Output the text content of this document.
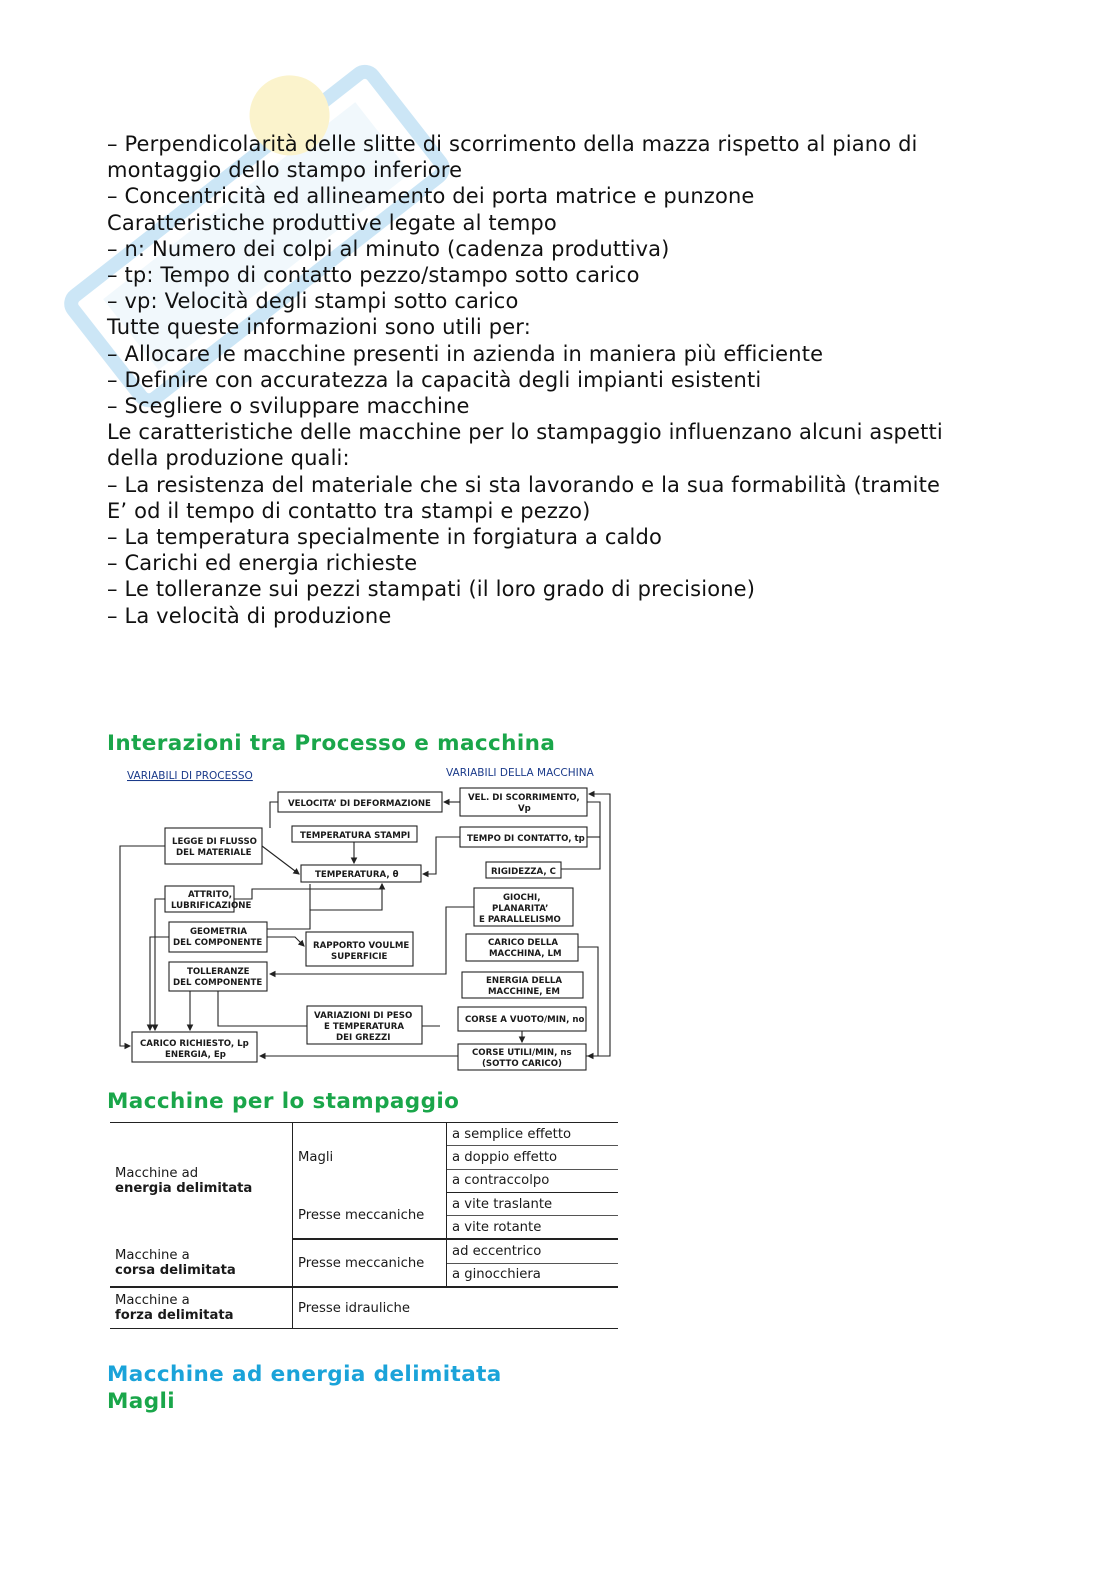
– Perpendicolarità delle slitte di scorrimento della mazza rispetto al piano di
montaggio dello stampo inferiore
– Concentricità ed allineamento dei porta matrice e punzone
Caratteristiche produttive legate al tempo
– n: Numero dei colpi al minuto (cadenza produttiva)
– tp: Tempo di contatto pezzo/stampo sotto carico
– vp: Velocità degli stampi sotto carico
Tutte queste informazioni sono utili per:
– Allocare le macchine presenti in azienda in maniera più efficiente
– Definire con accuratezza la capacità degli impianti esistenti
– Scegliere o sviluppare macchine
Le caratteristiche delle macchine per lo stampaggio influenzano alcuni aspetti
della produzione quali:
– La resistenza del materiale che si sta lavorando e la sua formabilità (tramite
E’ od il tempo di contatto tra stampi e pezzo)
– La temperatura specialmente in forgiatura a caldo
– Carichi ed energia richieste
– Le tolleranze sui pezzi stampati (il loro grado di precisione)
– La velocità di produzione
Interazioni tra Processo e macchina
VARIABILI DI PROCESSO	VARIABILI DELLA MACCHINA
VELOCITA’ DI DEFORMAZIONE
VEL. DI SCORRIMENTO,
Vp
LEGGE DI FLUSSO
DEL MATERIALE
TEMPERATURA STAMPI	TEMPO DI CONTATTO, tp
TEMPERATURA, θ	RIGIDEZZA, C
ATTRITO,
LUBRIFICAZIONE
GIOCHI,
PLANARITA’
E PARALLELISMO
GEOMETRIA
DEL COMPONENTE	RAPPORTO VOULME
SUPERFICIE
CARICO DELLA
MACCHINA, LM
TOLLERANZE
DEL COMPONENTE	ENERGIA DELLA
MACCHINE, EM
VARIAZIONI DI PESO
E TEMPERATURA
DEI GREZZI
CORSE A VUOTO/MIN, no
CARICO RICHIESTO, Lp
ENERGIA, Ep	CORSE UTILI/MIN, ns
(SOTTO CARICO)
Macchine per lo stampaggio
Macchine ad
energia delimitata	Magli	a semplice effetto
		a doppio effetto
		a contraccolpo
	Presse meccaniche	a vite traslante
		a vite rotante

Macchine a
corsa delimitata	Presse meccaniche	ad eccentrico
		a ginocchiera

Macchine a
forza delimitata	Presse idrauliche	
Macchine ad energia delimitata
Magli
